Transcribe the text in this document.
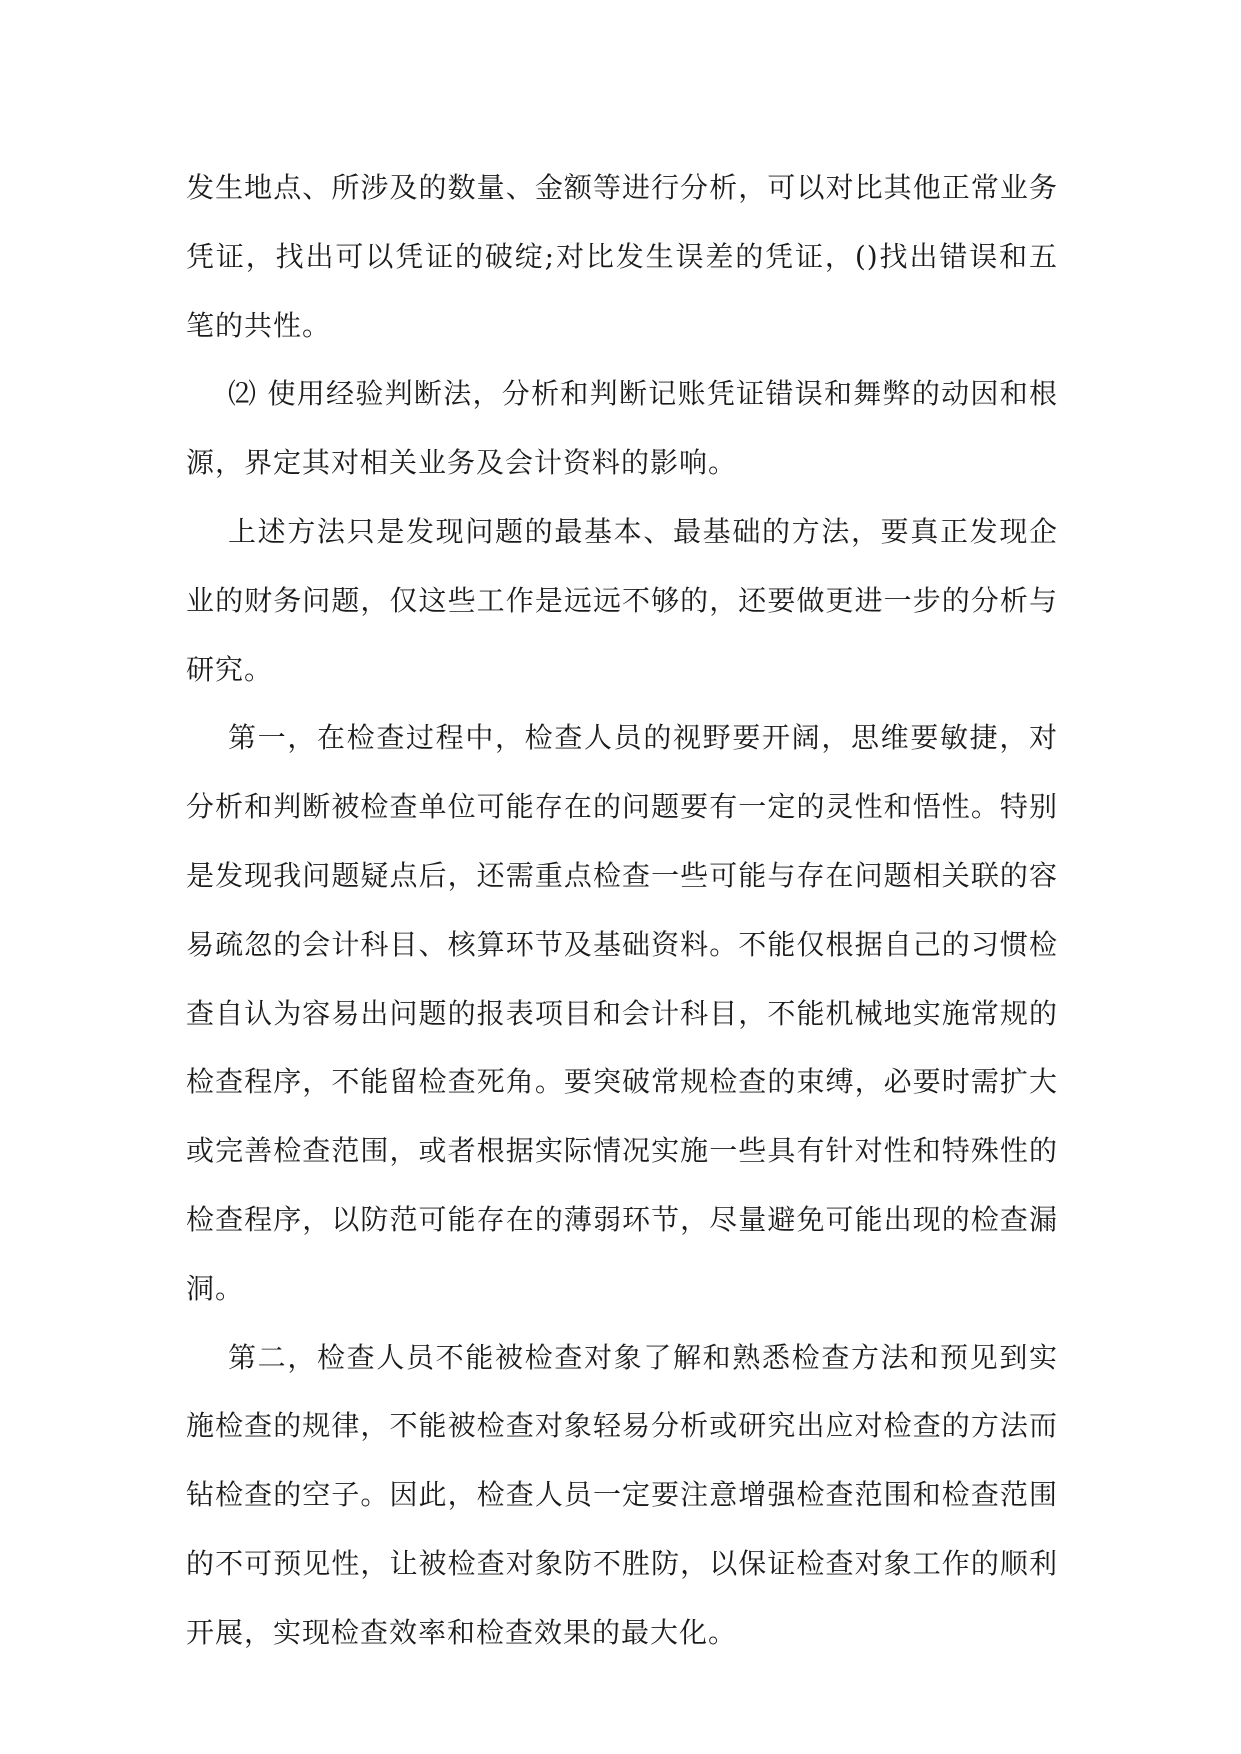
发生地点、所涉及的数量、金额等进行分析，可以对比其他正常业务凭证，找出可以凭证的破绽;对比发生误差的凭证，()找出错误和五笔的共性。

⑵ 使用经验判断法，分析和判断记账凭证错误和舞弊的动因和根源，界定其对相关业务及会计资料的影响。

上述方法只是发现问题的最基本、最基础的方法，要真正发现企业的财务问题，仅这些工作是远远不够的，还要做更进一步的分析与研究。

第一，在检查过程中，检查人员的视野要开阔，思维要敏捷，对分析和判断被检查单位可能存在的问题要有一定的灵性和悟性。特别是发现我问题疑点后，还需重点检查一些可能与存在问题相关联的容易疏忽的会计科目、核算环节及基础资料。不能仅根据自己的习惯检查自认为容易出问题的报表项目和会计科目，不能机械地实施常规的检查程序，不能留检查死角。要突破常规检查的束缚，必要时需扩大或完善检查范围，或者根据实际情况实施一些具有针对性和特殊性的检查程序，以防范可能存在的薄弱环节，尽量避免可能出现的检查漏洞。

第二，检查人员不能被检查对象了解和熟悉检查方法和预见到实施检查的规律，不能被检查对象轻易分析或研究出应对检查的方法而钻检查的空子。因此，检查人员一定要注意增强检查范围和检查范围的不可预见性，让被检查对象防不胜防，以保证检查对象工作的顺利开展，实现检查效率和检查效果的最大化。
